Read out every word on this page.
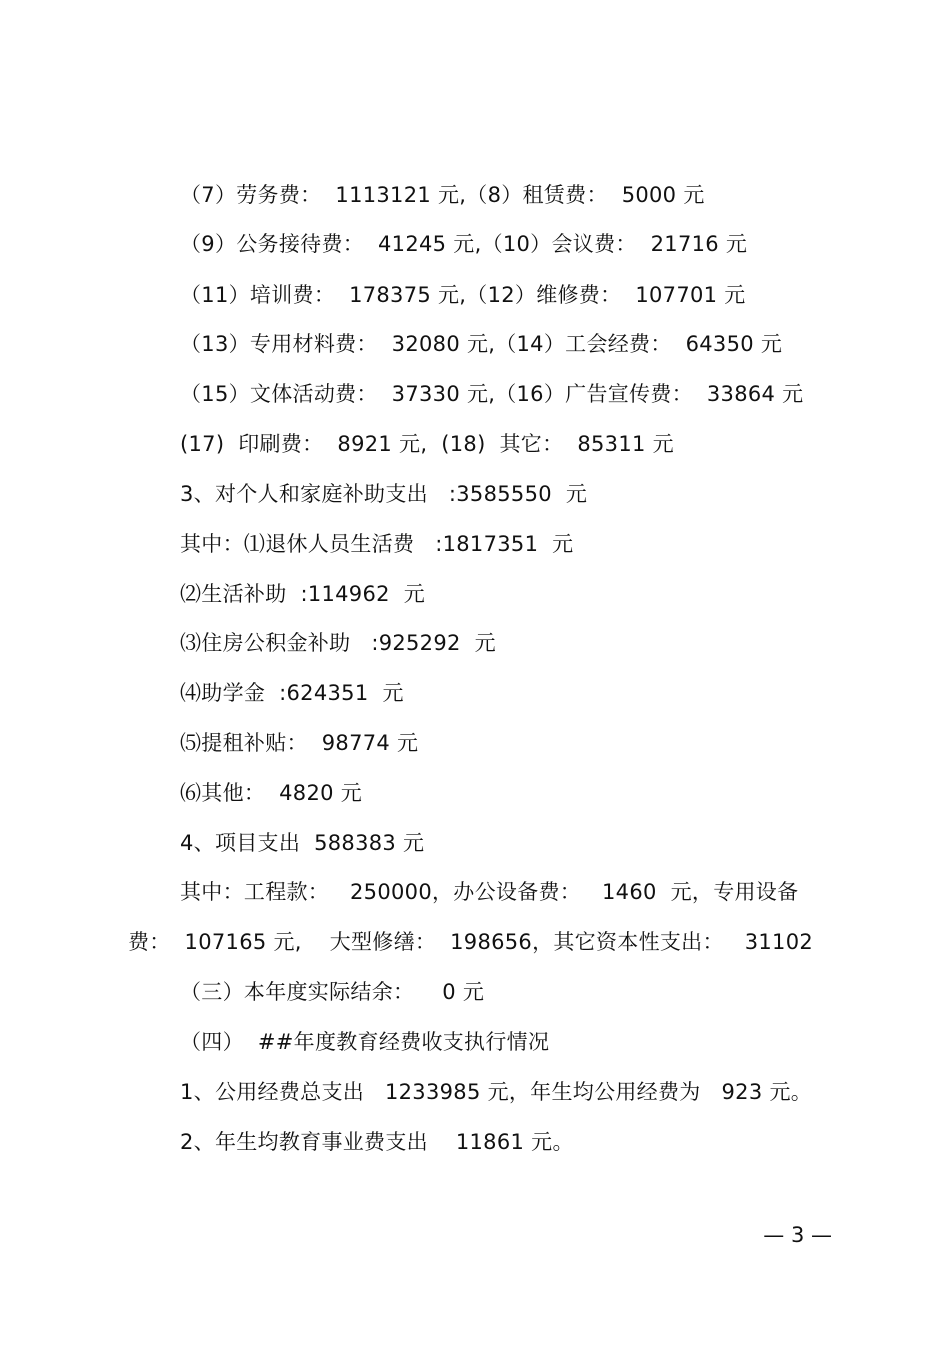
（7）劳务费：  1113121 元,（8）租赁费：  5000 元
（9）公务接待费：  41245 元,（10）会议费：  21716 元
（11）培训费：  178375 元,（12）维修费：  107701 元
（13）专用材料费：  32080 元,（14）工会经费：  64350 元
（15）文体活动费：  37330 元,（16）广告宣传费：  33864 元
(17)  印刷费：  8921 元,  (18)  其它：  85311 元
3、对个人和家庭补助支出   :3585550  元
其中：⑴退休人员生活费   :1817351  元
⑵生活补助  :114962  元
⑶住房公积金补助   :925292  元
⑷助学金  :624351  元
⑸提租补贴：  98774 元
⑹其他：  4820 元
4、项目支出  588383 元
其中：工程款：   250000，办公设备费：   1460  元，专用设备
费：  107165 元,    大型修缮：  198656，其它资本性支出：   31102
（三）本年度实际结余：    0 元
（四）  ##年度教育经费收支执行情况
1、公用经费总支出   1233985 元，年生均公用经费为   923 元。
2、年生均教育事业费支出    11861 元。
— 3 —
